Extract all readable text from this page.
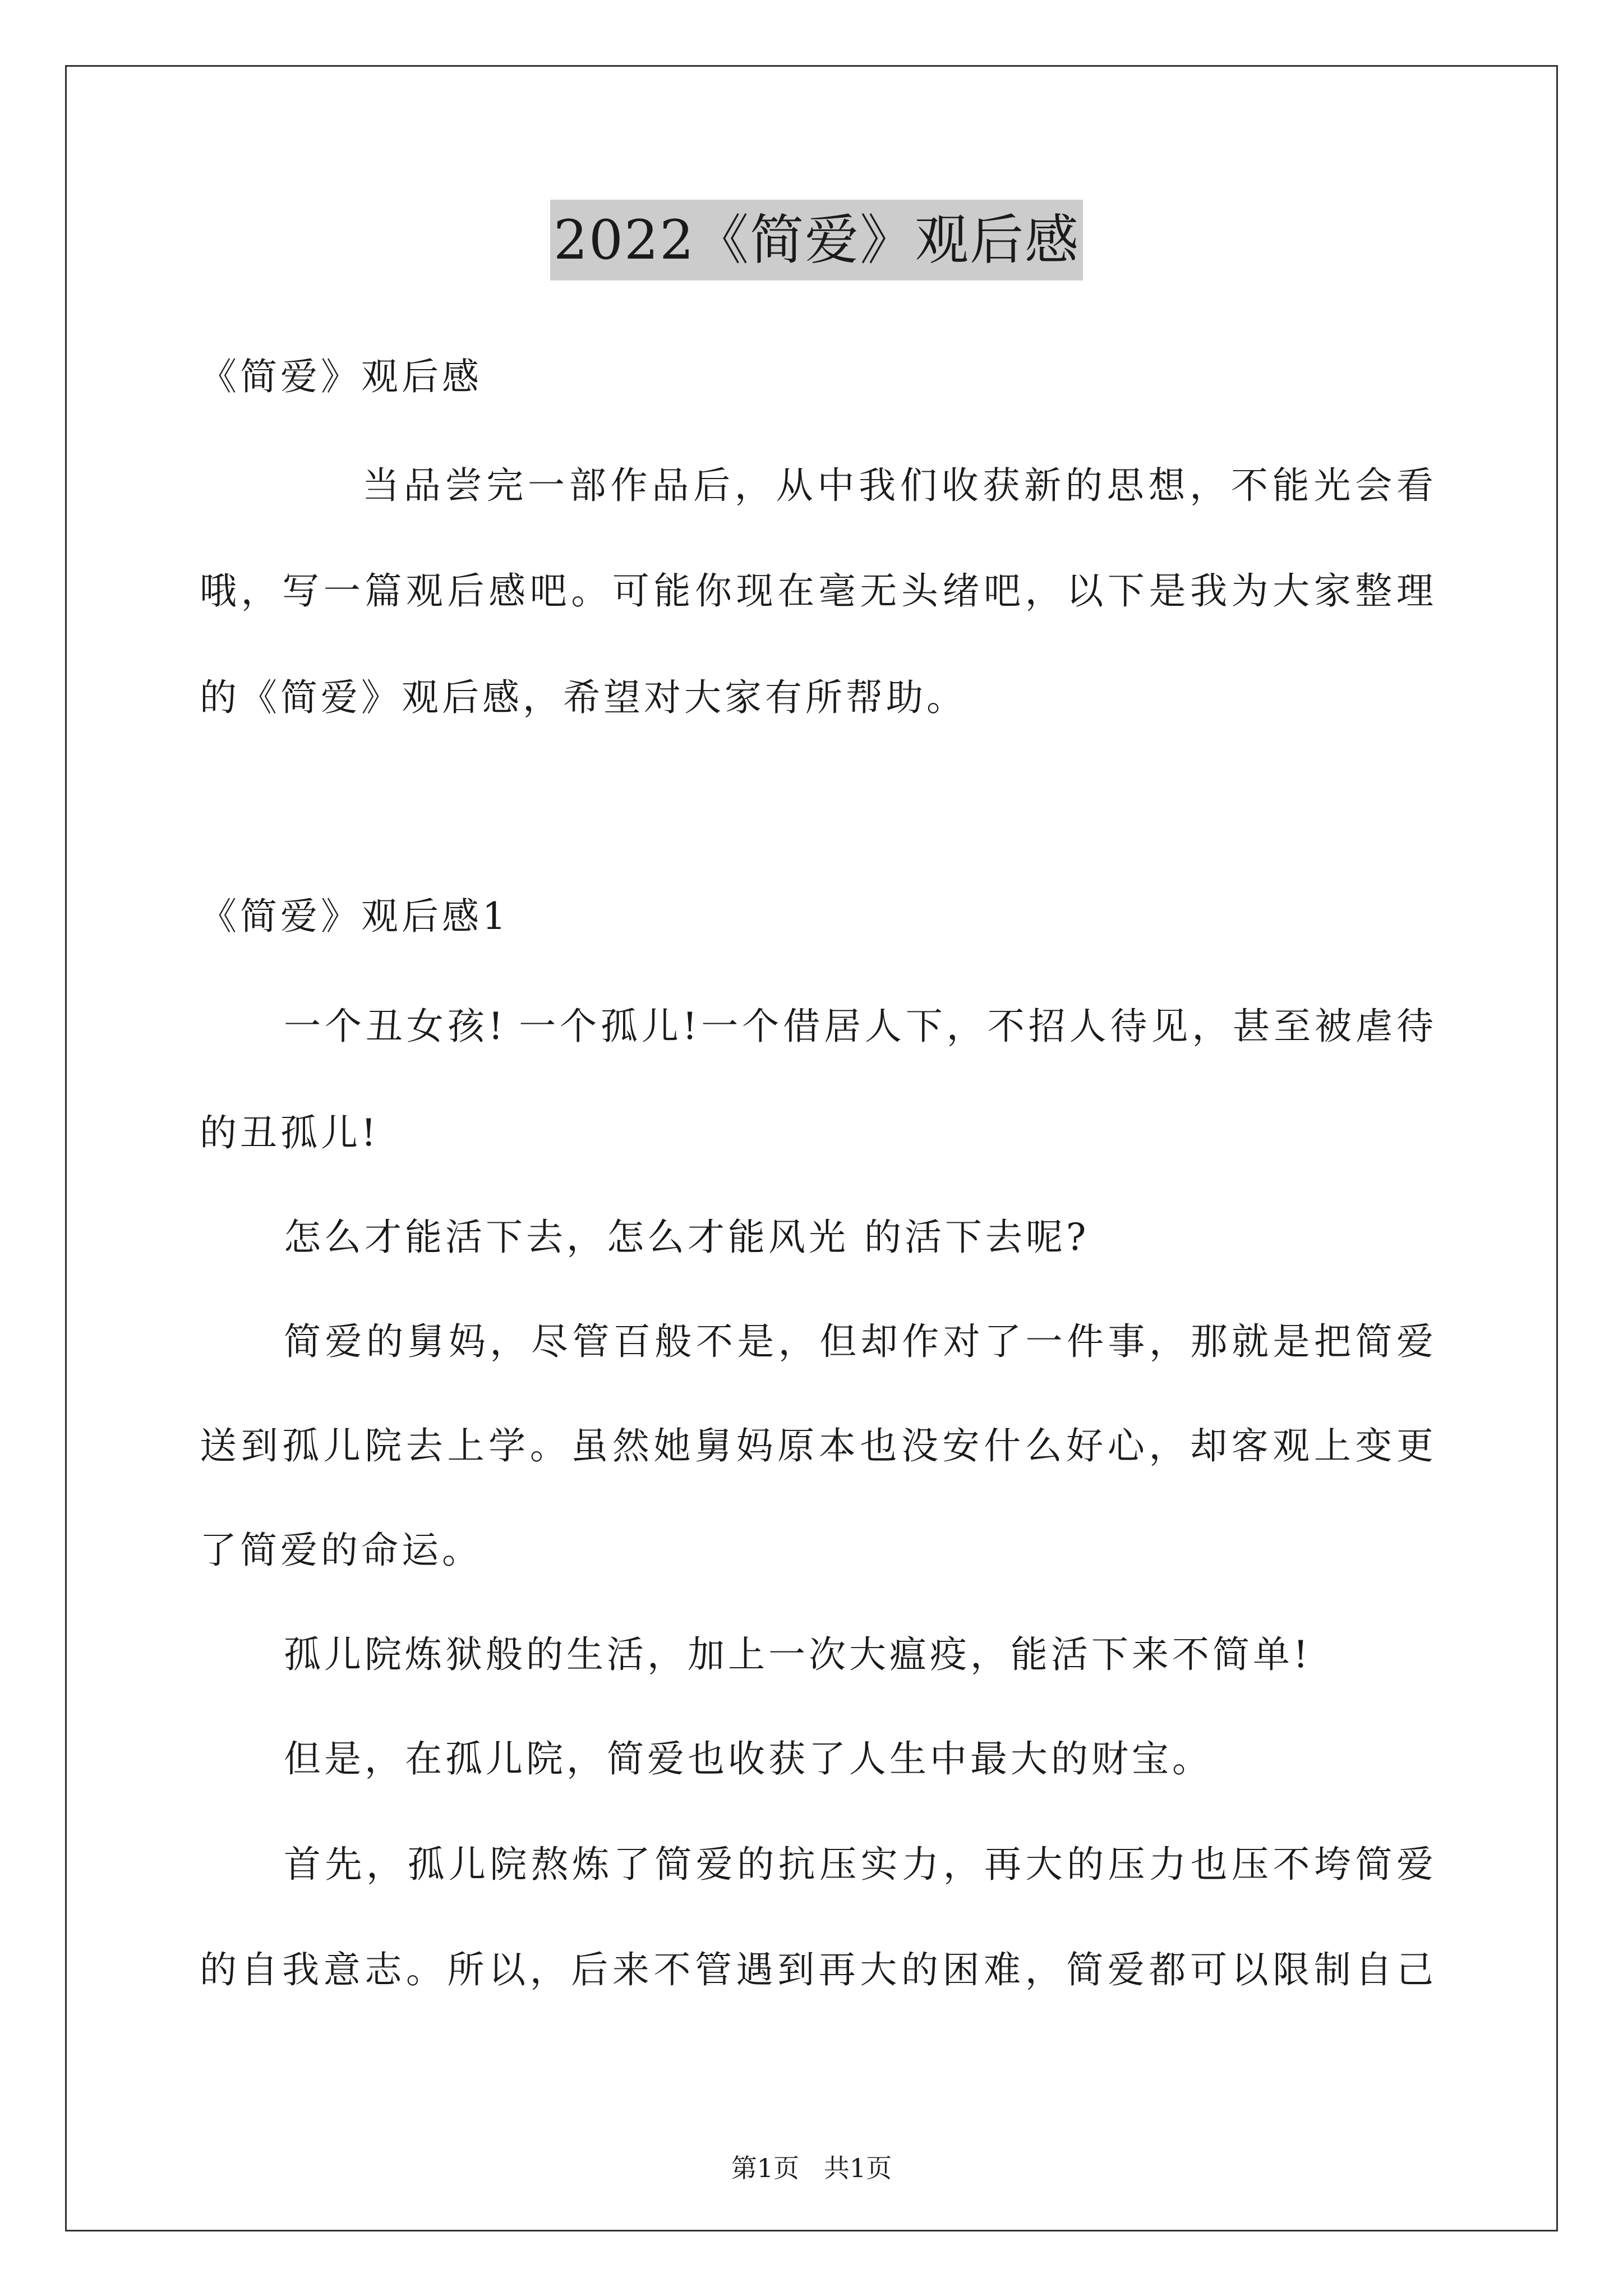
2022《简爱》观后感
《简爱》观后感
当品尝完一部作品后，从中我们收获新的思想，不能光会看
哦，写一篇观后感吧。可能你现在毫无头绪吧，以下是我为大家整理
的《简爱》观后感，希望对大家有所帮助。
《简爱》观后感1
一个丑女孩! 一个孤儿!一个借居人下，不招人待见，甚至被虐待
的丑孤儿!
怎么才能活下去，怎么才能风光 的活下去呢?
简爱的舅妈，尽管百般不是，但却作对了一件事，那就是把简爱
送到孤儿院去上学。虽然她舅妈原本也没安什么好心，却客观上变更
了简爱的命运。
孤儿院炼狱般的生活，加上一次大瘟疫，能活下来不简单!
但是，在孤儿院，简爱也收获了人生中最大的财宝。
首先，孤儿院熬炼了简爱的抗压实力，再大的压力也压不垮简爱
的自我意志。所以，后来不管遇到再大的困难，简爱都可以限制自己
第1页   共1页
